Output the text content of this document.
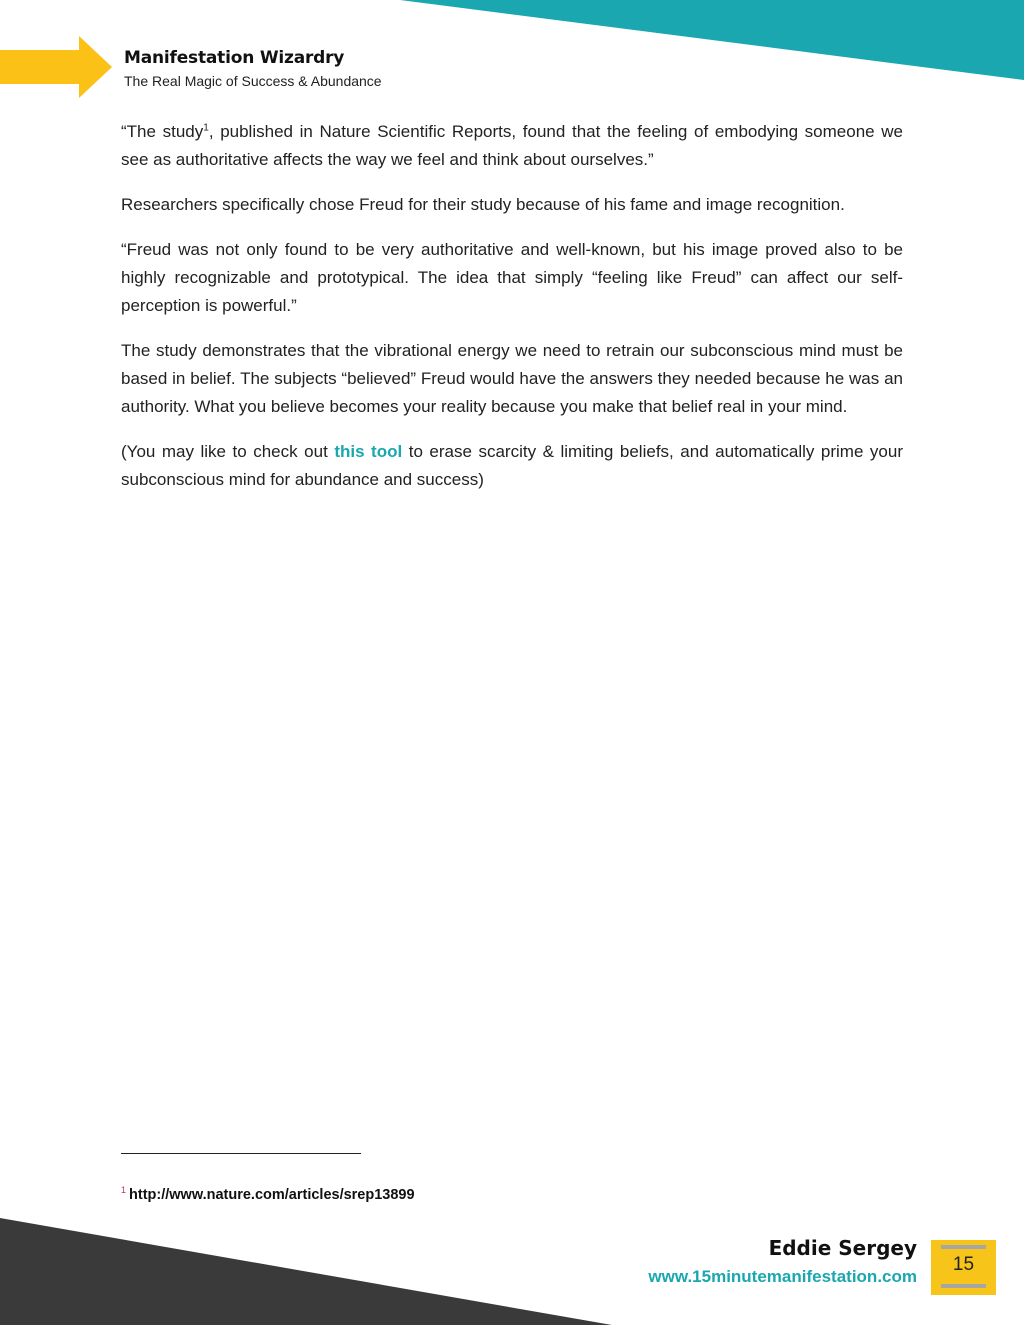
Manifestation Wizardry
The Real Magic of Success & Abundance

“The study$^1$, published in Nature Scientific Reports, found that the feeling of embodying someone we see as authoritative affects the way we feel and think about ourselves.”

Researchers specifically chose Freud for their study because of his fame and image recognition.

“Freud was not only found to be very authoritative and well-known, but his image proved also to be highly recognizable and prototypical. The idea that simply “feeling like Freud” can affect our self-perception is powerful.”

The study demonstrates that the vibrational energy we need to retrain our subconscious mind must be based in belief. The subjects “believed” Freud would have the answers they needed because he was an authority. What you believe becomes your reality because you make that belief real in your mind.

(You may like to check out this tool to erase scarcity & limiting beliefs, and automatically prime your subconscious mind for abundance and success)

$^1$ http://www.nature.com/articles/srep13899
Eddie Sergey
www.15minutemanifestation.com
15
